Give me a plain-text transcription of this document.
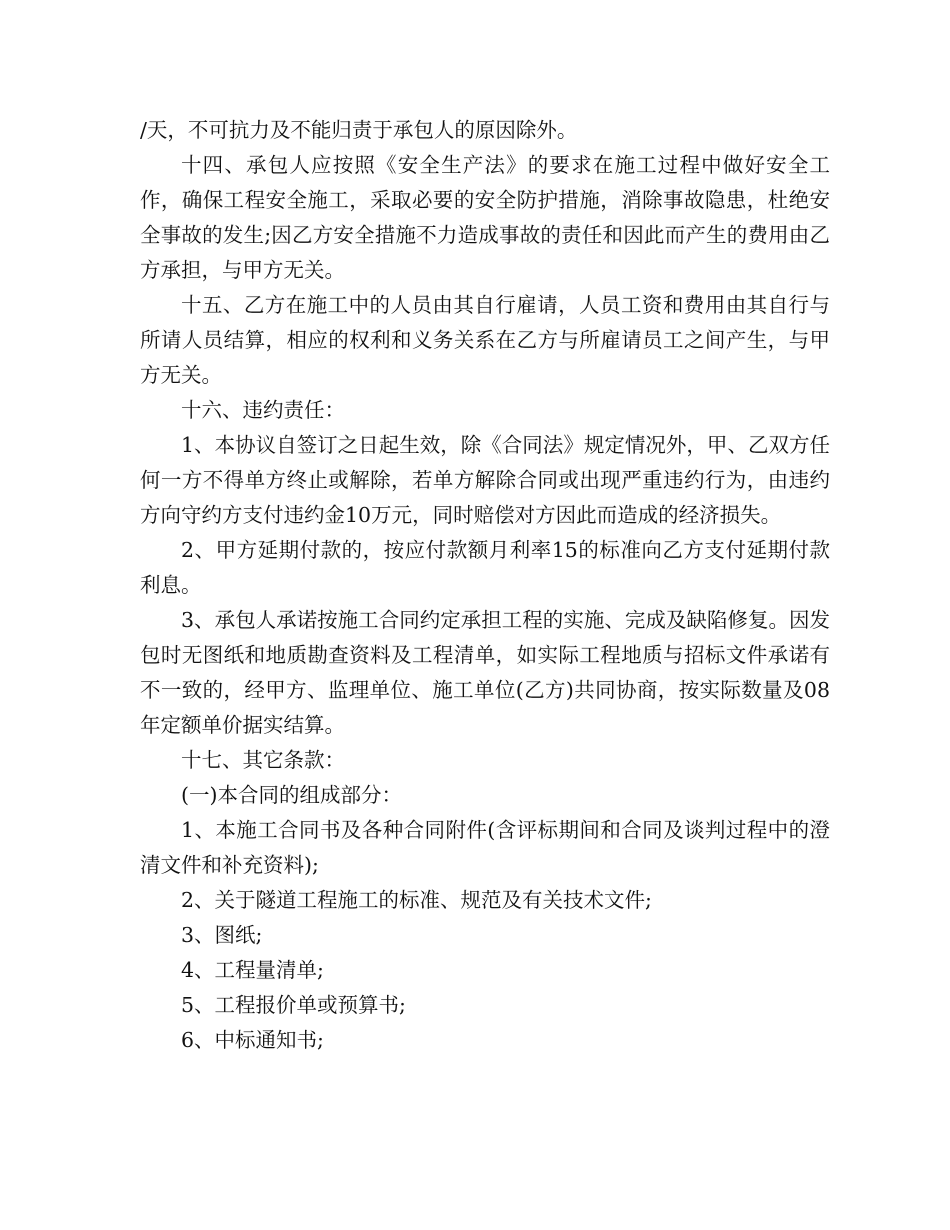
/天，不可抗力及不能归责于承包人的原因除外。

十四、承包人应按照《安全生产法》的要求在施工过程中做好安全工作，确保工程安全施工，采取必要的安全防护措施，消除事故隐患，杜绝安全事故的发生;因乙方安全措施不力造成事故的责任和因此而产生的费用由乙方承担，与甲方无关。

十五、乙方在施工中的人员由其自行雇请，人员工资和费用由其自行与所请人员结算，相应的权利和义务关系在乙方与所雇请员工之间产生，与甲方无关。

十六、违约责任：

1、本协议自签订之日起生效，除《合同法》规定情况外，甲、乙双方任何一方不得单方终止或解除，若单方解除合同或出现严重违约行为，由违约方向守约方支付违约金10万元，同时赔偿对方因此而造成的经济损失。

2、甲方延期付款的，按应付款额月利率15的标准向乙方支付延期付款利息。

3、承包人承诺按施工合同约定承担工程的实施、完成及缺陷修复。因发包时无图纸和地质勘查资料及工程清单，如实际工程地质与招标文件承诺有不一致的，经甲方、监理单位、施工单位(乙方)共同协商，按实际数量及08年定额单价据实结算。

十七、其它条款：

(一)本合同的组成部分：

1、本施工合同书及各种合同附件(含评标期间和合同及谈判过程中的澄清文件和补充资料);

2、关于隧道工程施工的标准、规范及有关技术文件;

3、图纸;

4、工程量清单;

5、工程报价单或预算书;

6、中标通知书;
